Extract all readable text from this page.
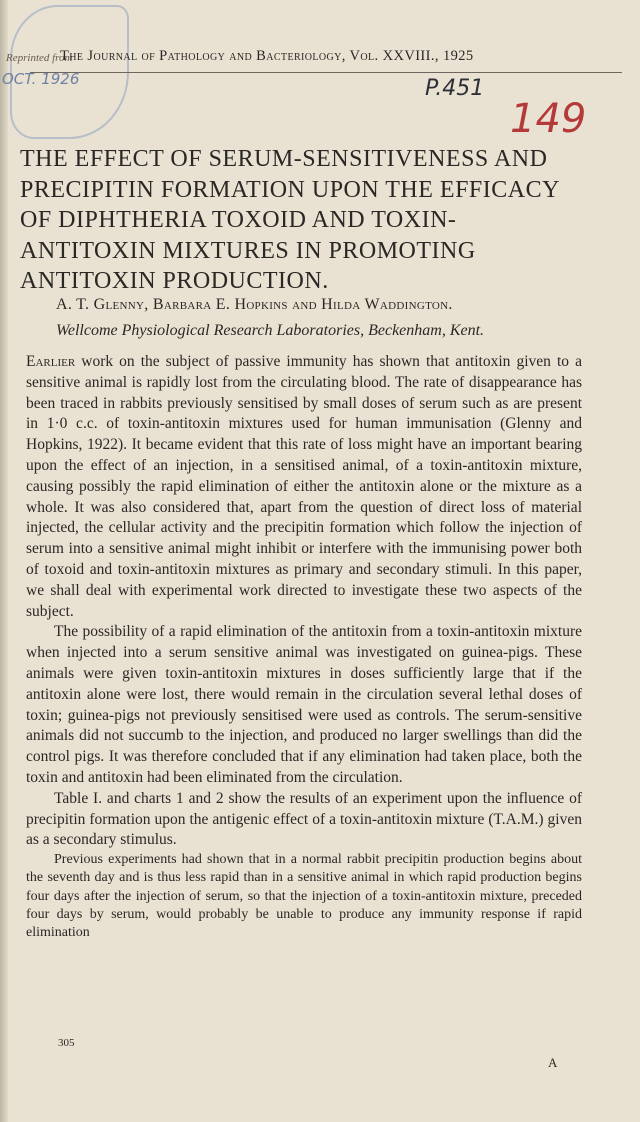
OCT. 1926
Reprinted from
The Journal of Pathology and Bacteriology, Vol. XXVIII., 1925
P.451
149
THE EFFECT OF SERUM-SENSITIVENESS AND PRECIPITIN FORMATION UPON THE EFFICACY OF DIPHTHERIA TOXOID AND TOXIN-ANTITOXIN MIXTURES IN PROMOTING ANTITOXIN PRODUCTION.
A. T. Glenny, Barbara E. Hopkins and Hilda Waddington.
Wellcome Physiological Research Laboratories, Beckenham, Kent.

Earlier work on the subject of passive immunity has shown that antitoxin given to a sensitive animal is rapidly lost from the circulating blood. The rate of disappearance has been traced in rabbits previously sensitised by small doses of serum such as are present in 1·0 c.c. of toxin-antitoxin mixtures used for human immunisation (Glenny and Hopkins, 1922). It became evident that this rate of loss might have an important bearing upon the effect of an injection, in a sensitised animal, of a toxin-antitoxin mixture, causing possibly the rapid elimination of either the antitoxin alone or the mixture as a whole. It was also considered that, apart from the question of direct loss of material injected, the cellular activity and the precipitin formation which follow the injection of serum into a sensitive animal might inhibit or interfere with the immunising power both of toxoid and toxin-antitoxin mixtures as primary and secondary stimuli. In this paper, we shall deal with experimental work directed to investigate these two aspects of the subject.

The possibility of a rapid elimination of the antitoxin from a toxin-antitoxin mixture when injected into a serum sensitive animal was investigated on guinea-pigs. These animals were given toxin-antitoxin mixtures in doses sufficiently large that if the antitoxin alone were lost, there would remain in the circulation several lethal doses of toxin; guinea-pigs not previously sensitised were used as controls. The serum-sensitive animals did not succumb to the injection, and produced no larger swellings than did the control pigs. It was therefore concluded that if any elimination had taken place, both the toxin and antitoxin had been eliminated from the circulation.

Table I. and charts 1 and 2 show the results of an experiment upon the influence of precipitin formation upon the antigenic effect of a toxin-antitoxin mixture (T.A.M.) given as a secondary stimulus.

Previous experiments had shown that in a normal rabbit precipitin production begins about the seventh day and is thus less rapid than in a sensitive animal in which rapid production begins four days after the injection of serum, so that the injection of a toxin-antitoxin mixture, preceded four days by serum, would probably be unable to produce any immunity response if rapid elimination

305
A
